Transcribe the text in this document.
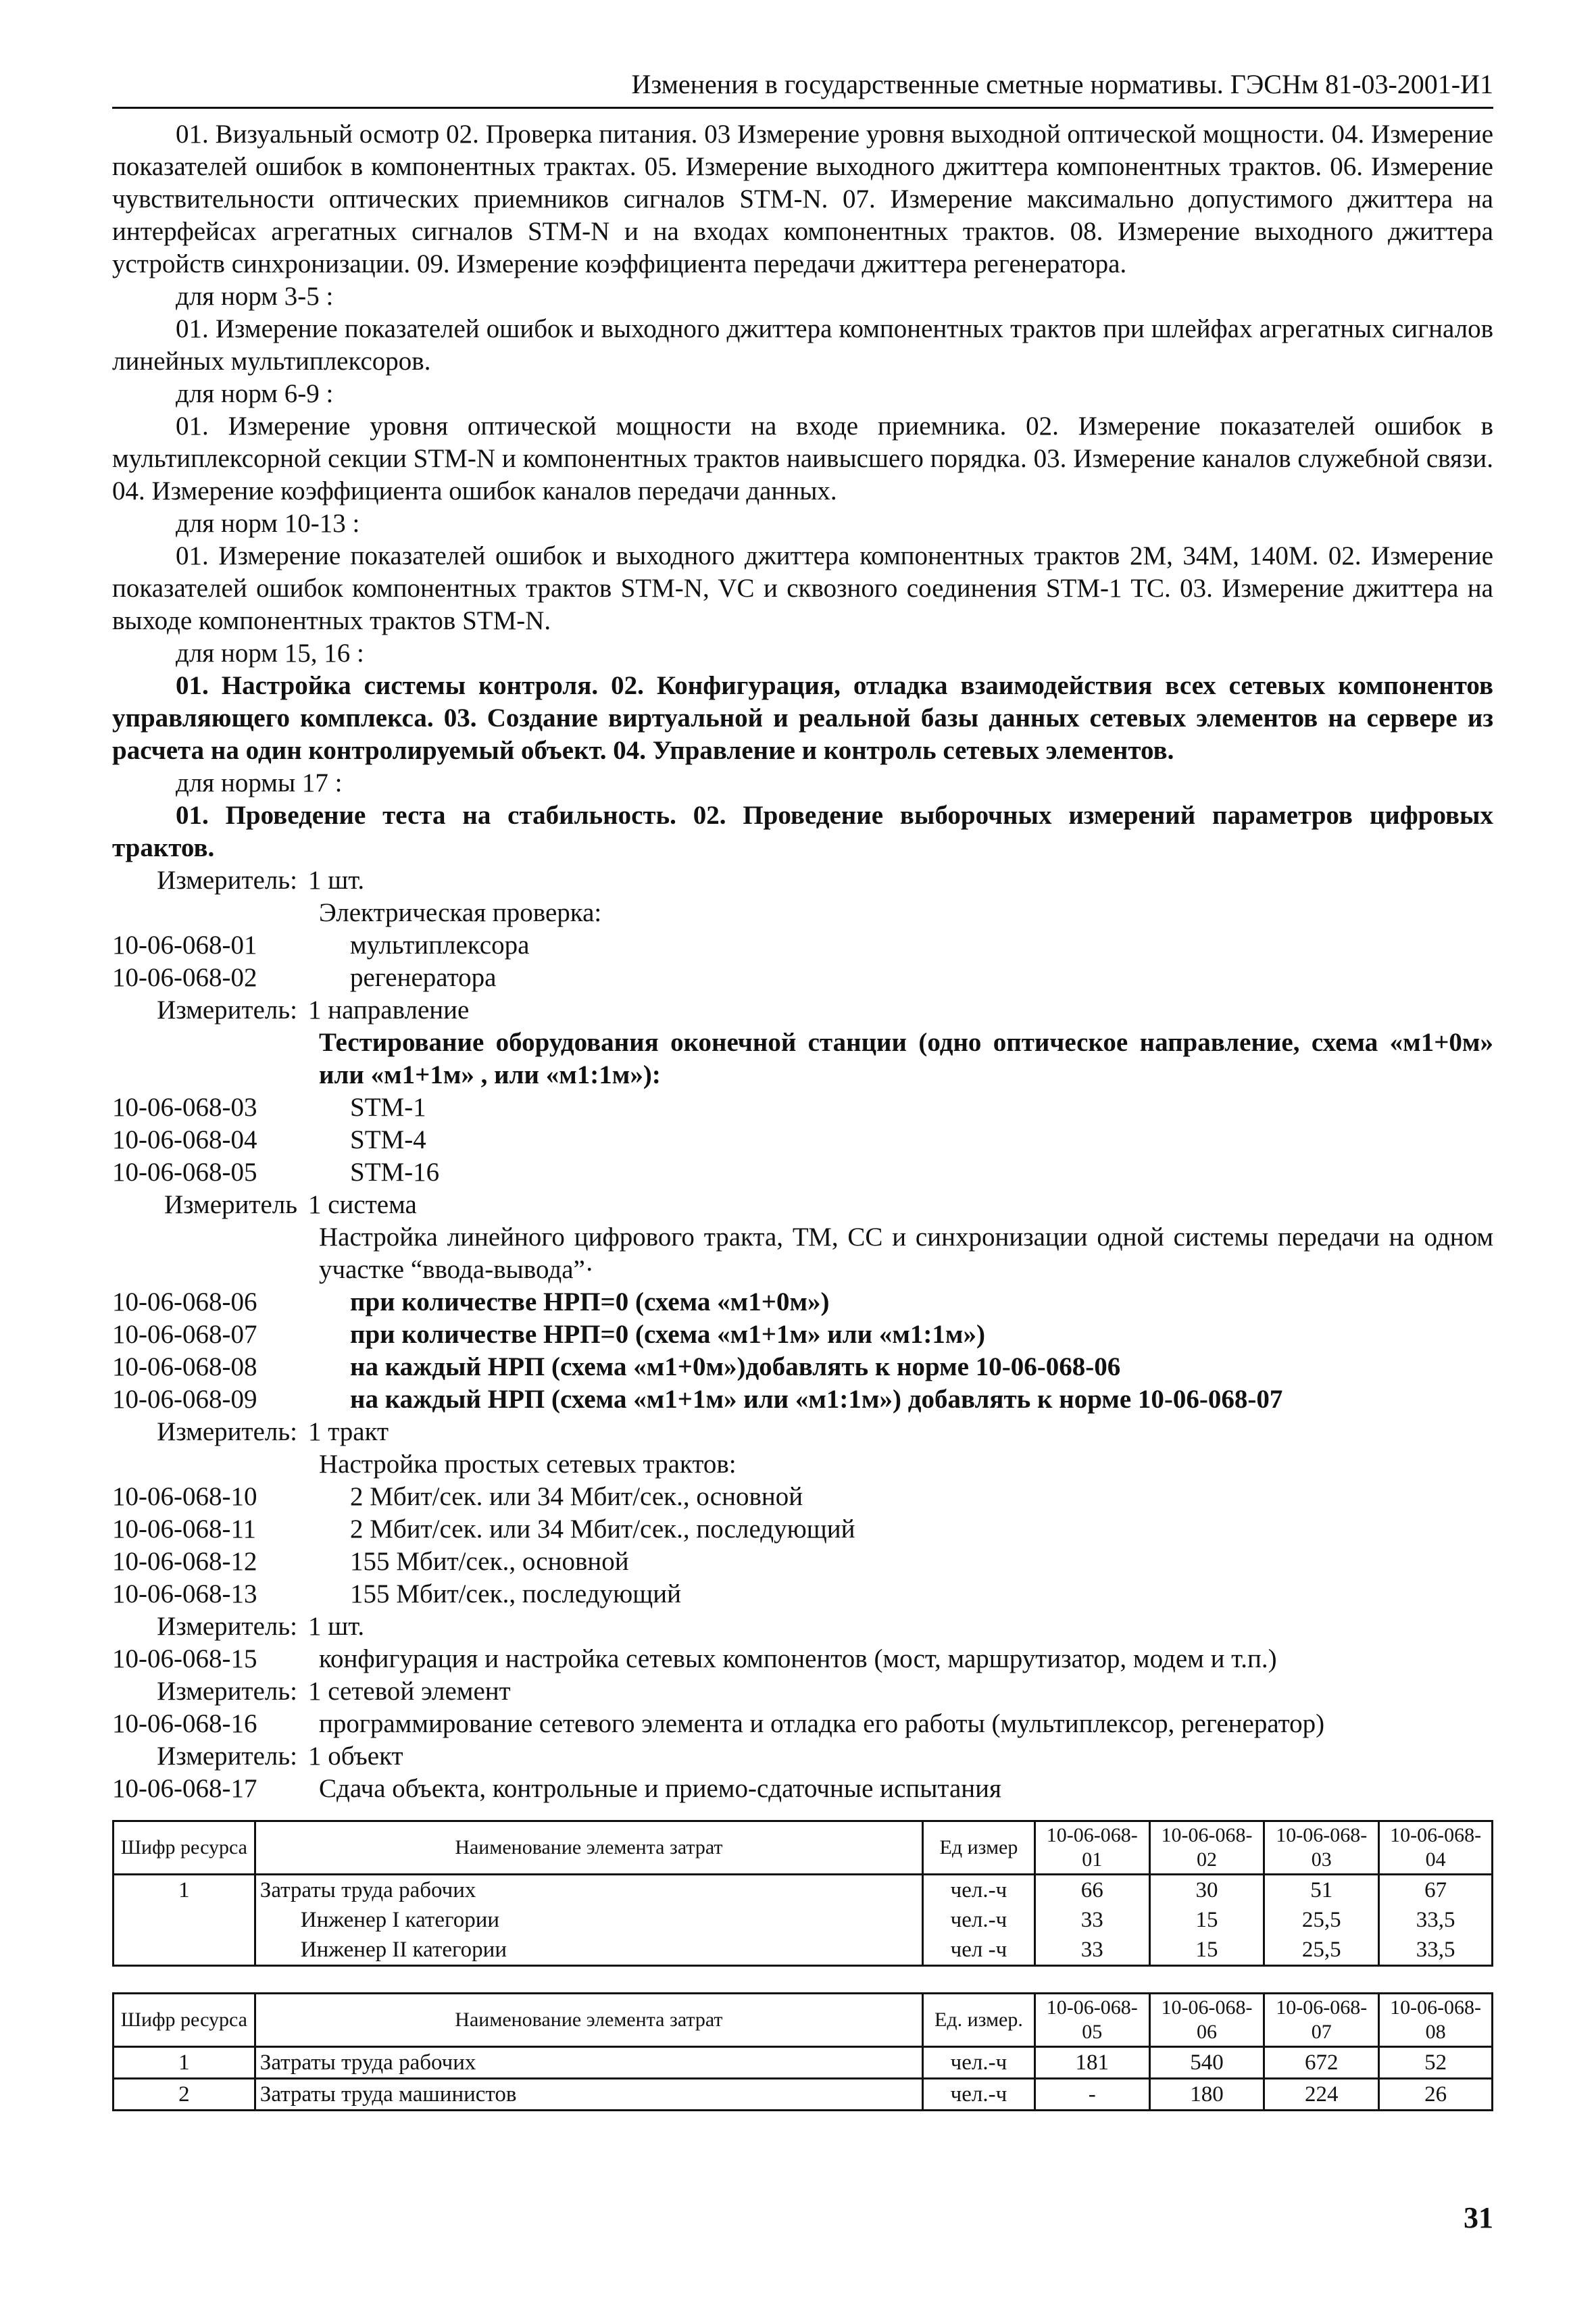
Изменения в государственные сметные нормативы. ГЭСНм 81-03-2001-И1

01. Визуальный осмотр 02. Проверка питания. 03 Измерение уровня выходной оптической мощности. 04. Измерение показателей ошибок в компонентных трактах. 05. Измерение выходного джиттера компонентных трактов. 06. Измерение чувствительности оптических приемников сигналов STM-N. 07. Измерение максимально допустимого джиттера на интерфейсах агрегатных сигналов STM-N и на входах компонентных трактов. 08. Измерение выходного джиттера устройств синхронизации. 09. Измерение коэффициента передачи джиттера регенератора.

для норм 3-5 :

01. Измерение показателей ошибок и выходного джиттера компонентных трактов при шлейфах агрегатных сигналов линейных мультиплексоров.

для норм 6-9 :

01. Измерение уровня оптической мощности на входе приемника. 02. Измерение показателей ошибок в мультиплексорной секции STM-N и компонентных трактов наивысшего порядка. 03. Измерение каналов служебной связи. 04. Измерение коэффициента ошибок каналов передачи данных.

для норм 10-13 :

01. Измерение показателей ошибок и выходного джиттера компонентных трактов 2М, 34М, 140М. 02. Измерение показателей ошибок компонентных трактов STM-N, VC и сквозного соединения STM-1 TC. 03. Измерение джиттера на выходе компонентных трактов STM-N.

для норм 15, 16 :

01. Настройка системы контроля. 02. Конфигурация, отладка взаимодействия всех сетевых компонентов управляющего комплекса. 03. Создание виртуальной и реальной базы данных сетевых элементов на сервере из расчета на один контролируемый объект. 04. Управление и контроль сетевых элементов.

для нормы 17 :

01. Проведение теста на стабильность. 02. Проведение выборочных измерений параметров цифровых трактов.

Измеритель: 1 шт.

Электрическая проверка:

10-06-068-01	мультиплексора
10-06-068-02	регенератора
Измеритель: 1 направление

Тестирование оборудования оконечной станции (одно оптическое направление, схема «м1+0м» или «м1+1м» , или «м1:1м»):

10-06-068-03	STM-1
10-06-068-04	STM-4
10-06-068-05	STM-16
Измеритель 1 система

Настройка линейного цифрового тракта, ТМ, СС и синхронизации одной системы передачи на одном участке “ввода-вывода”·

10-06-068-06	при количестве НРП=0 (схема «м1+0м»)
10-06-068-07	при количестве НРП=0 (схема «м1+1м» или «м1:1м»)
10-06-068-08	на каждый НРП (схема «м1+0м»)добавлять к норме 10-06-068-06
10-06-068-09	на каждый НРП (схема «м1+1м» или «м1:1м») добавлять к норме 10-06-068-07
Измеритель: 1 тракт

Настройка простых сетевых трактов:

10-06-068-10	2 Мбит/сек. или 34 Мбит/сек., основной
10-06-068-11	2 Мбит/сек. или 34 Мбит/сек., последующий
10-06-068-12	155 Мбит/сек., основной
10-06-068-13	155 Мбит/сек., последующий
Измеритель: 1 шт.
10-06-068-15	конфигурация и настройка сетевых компонентов (мост, маршрутизатор, модем и т.п.)
Измеритель: 1 сетевой элемент
10-06-068-16	программирование сетевого элемента и отладка его работы (мультиплексор, регенератор)
Измеритель: 1 объект
10-06-068-17	Сдача объекта, контрольные и приемо-сдаточные испытания
Шифр ресурса	Наименование элемента затрат	Ед измер	10-06-068-01	10-06-068-02	10-06-068-03	10-06-068-04
1	Затраты труда рабочих	чел.-ч	66	30	51	67
	Инженер I категории	чел.-ч	33	15	25,5	33,5
	Инженер II категории	чел -ч	33	15	25,5	33,5
Шифр ресурса	Наименование элемента затрат	Ед. измер.	10-06-068-05	10-06-068-06	10-06-068-07	10-06-068-08
1	Затраты труда рабочих	чел.-ч	181	540	672	52
2	Затраты труда машинистов	чел.-ч	-	180	224	26
31
